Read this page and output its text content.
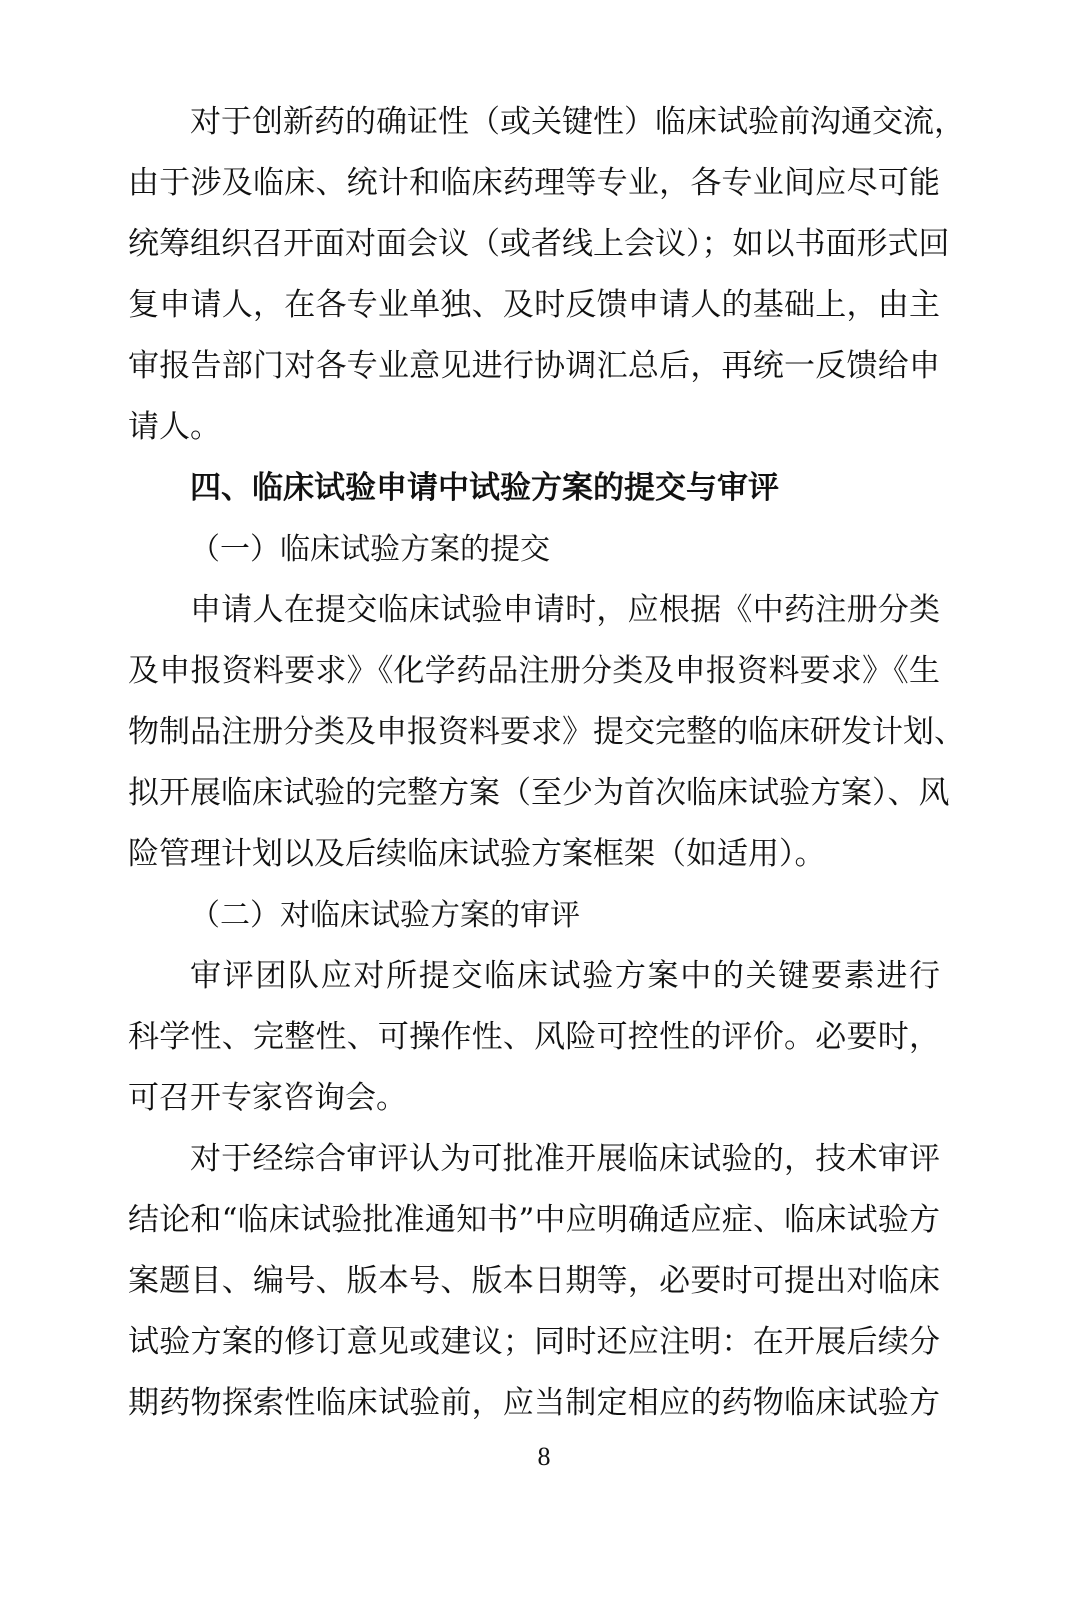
对于创新药的确证性（或关键性）临床试验前沟通交流，
由于涉及临床、统计和临床药理等专业，各专业间应尽可能
统筹组织召开面对面会议（或者线上会议）；如以书面形式回
复申请人，在各专业单独、及时反馈申请人的基础上，由主
审报告部门对各专业意见进行协调汇总后，再统一反馈给申
请人。
四、临床试验申请中试验方案的提交与审评
（一）临床试验方案的提交
申请人在提交临床试验申请时，应根据《中药注册分类
及申报资料要求》《化学药品注册分类及申报资料要求》《生
物制品注册分类及申报资料要求》提交完整的临床研发计划、
拟开展临床试验的完整方案（至少为首次临床试验方案）、风
险管理计划以及后续临床试验方案框架（如适用）。
（二）对临床试验方案的审评
审评团队应对所提交临床试验方案中的关键要素进行
科学性、完整性、可操作性、风险可控性的评价。必要时，
可召开专家咨询会。
对于经综合审评认为可批准开展临床试验的，技术审评
结论和“临床试验批准通知书”中应明确适应症、临床试验方
案题目、编号、版本号、版本日期等，必要时可提出对临床
试验方案的修订意见或建议；同时还应注明：在开展后续分
期药物探索性临床试验前，应当制定相应的药物临床试验方
8
